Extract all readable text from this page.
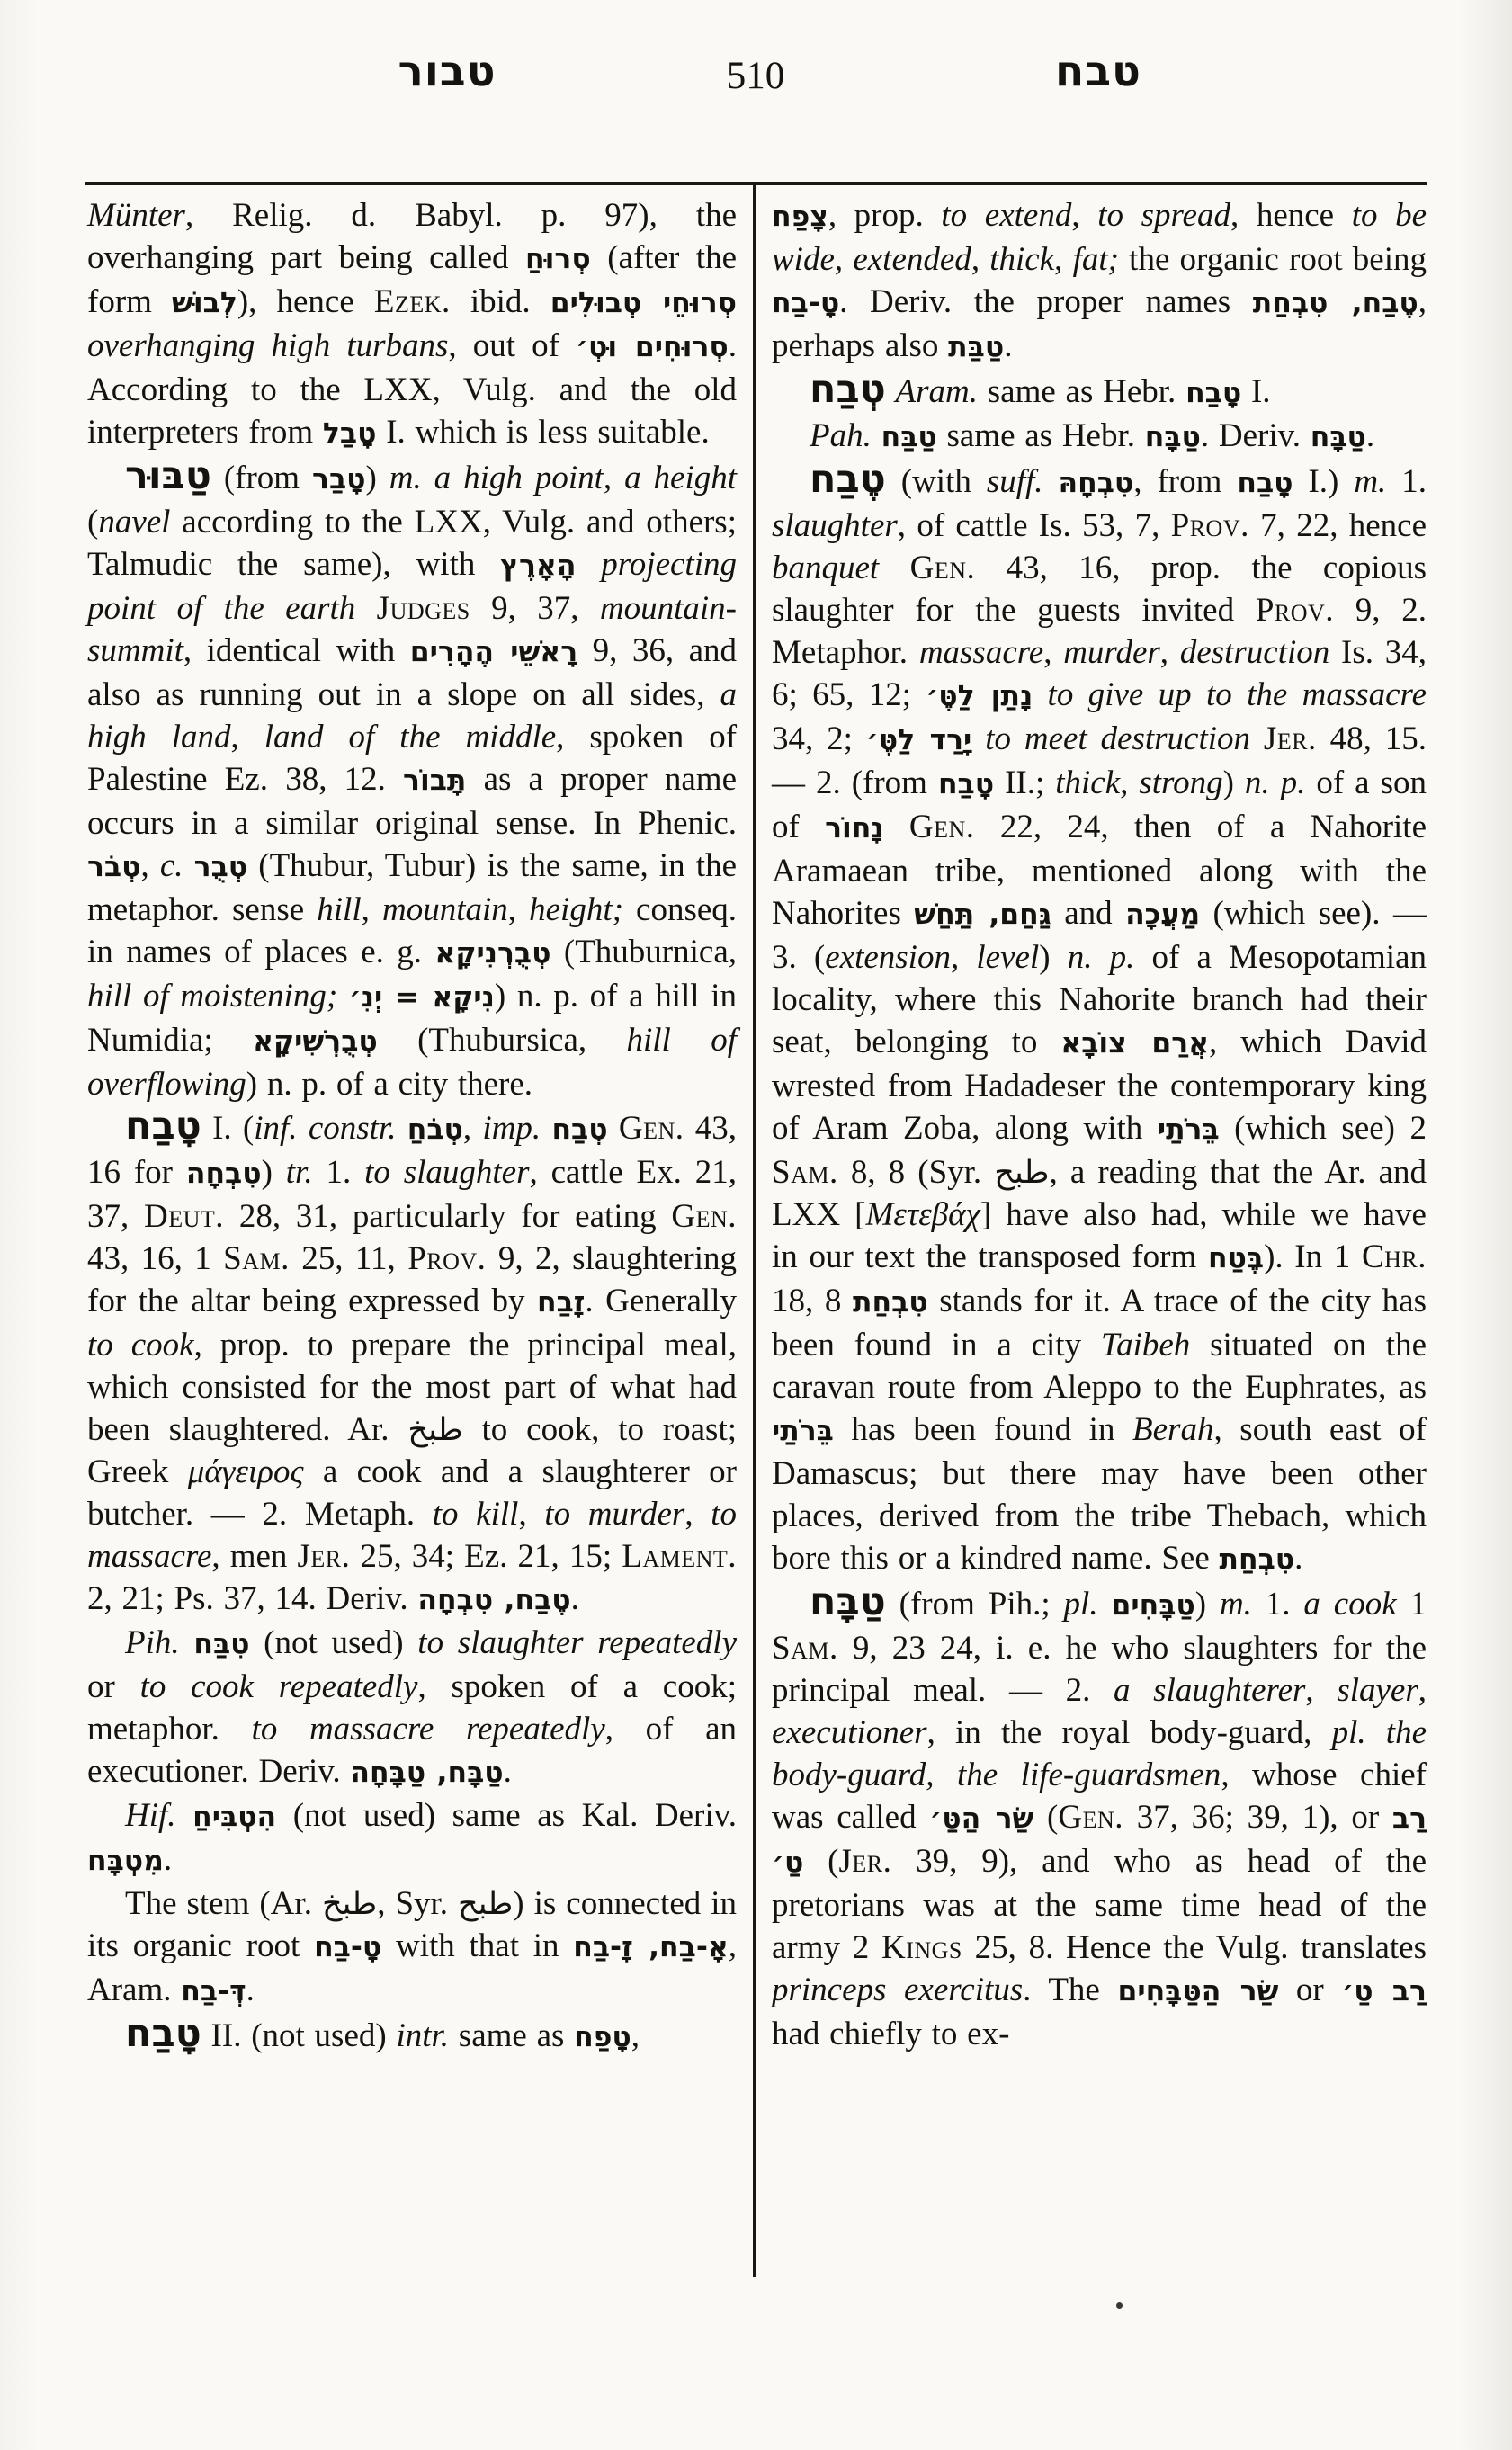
טבור	510	טבח

Münter, Relig. d. Babyl. p. 97), the overhanging part being called סְרוּחַ (after the form לְבוּשׁ), hence Ezek. ibid. סְרוּחֵי טְבוּלִים overhanging high turbans, out of סְרוּחִים וּטְ׳. According to the LXX, Vulg. and the old interpreters from טָבַל I. which is less suitable.

טַבּוּר (from טָבַר) m. a high point, a height (navel according to the LXX, Vulg. and others; Talmudic the same), with הָאָרֶץ projecting point of the earth Judges 9, 37, mountain-summit, identical with רָאשֵׁי הֶהָרִים 9, 36, and also as running out in a slope on all sides, a high land, land of the middle, spoken of Palestine Ez. 38, 12. תָּבוֹר as a proper name occurs in a similar original sense. In Phenic. טְבֹר, c. טְבֻר (Thubur, Tubur) is the same, in the metaphor. sense hill, mountain, height; conseq. in names of places e. g. טְבֻרְנִיקָא (Thuburnica, hill of moistening; נִיקָא = יְנִ׳) n. p. of a hill in Numidia; טְבֻרְשִׁיקָא (Thubursica, hill of overflowing) n. p. of a city there.

טָבַח I. (inf. constr. טְבֹחַ, imp. טְבַח Gen. 43, 16 for טִבְחָה) tr. 1. to slaughter, cattle Ex. 21, 37, Deut. 28, 31, particularly for eating Gen. 43, 16, 1 Sam. 25, 11, Prov. 9, 2, slaughtering for the altar being expressed by זָבַח. Generally to cook, prop. to prepare the principal meal, which consisted for the most part of what had been slaughtered. Ar. طبخ to cook, to roast; Greek μάγειρος a cook and a slaughterer or butcher. — 2. Metaph. to kill, to murder, to massacre, men Jer. 25, 34; Ez. 21, 15; Lament. 2, 21; Ps. 37, 14. Deriv. טֶבַח, טִבְחָה.

Pih. טִבַּח (not used) to slaughter repeatedly or to cook repeatedly, spoken of a cook; metaphor. to massacre repeatedly, of an executioner. Deriv. טַבָּח, טַבָּחָה.

Hif. הִטְבִּיחַ (not used) same as Kal. Deriv. מִטְבָּח.

The stem (Ar. طبخ, Syr. طبح) is connected in its organic root טָ-בַח with that in אָ-בַח, זָ-בַח, Aram. דְּ-בַח.

טָבַח II. (not used) intr. same as טָפַח,

צָפַח, prop. to extend, to spread, hence to be wide, extended, thick, fat; the organic root being טָ-בַח. Deriv. the proper names טֶבַח, טִבְחַת, perhaps also טַבַּת.

טְבַח Aram. same as Hebr. טָבַח I.

Pah. טַבַּח same as Hebr. טַבָּח. Deriv. טַבָּח.

טֶבַח (with suff. טִבְחָהּ, from טָבַח I.) m. 1. slaughter, of cattle Is. 53, 7, Prov. 7, 22, hence banquet Gen. 43, 16, prop. the copious slaughter for the guests invited Prov. 9, 2. Metaphor. massacre, murder, destruction Is. 34, 6; 65, 12; נָתַן לַטֶּ׳ to give up to the massacre 34, 2; יָרַד לַטֶּ׳ to meet destruction Jer. 48, 15. — 2. (from טָבַח II.; thick, strong) n. p. of a son of נָחוֹר Gen. 22, 24, then of a Nahorite Aramaean tribe, mentioned along with the Nahorites גַּחַם, תַּחַשׁ and מַעֲכָה (which see). — 3. (extension, level) n. p. of a Mesopotamian locality, where this Nahorite branch had their seat, belonging to אֲרַם צוֹבָא, which David wrested from Hadadeser the contemporary king of Aram Zoba, along with בֵּרֹתַי (which see) 2 Sam. 8, 8 (Syr. طبح, a reading that the Ar. and LXX [Μετεβάχ] have also had, while we have in our text the transposed form בֶּטַח). In 1 Chr. 18, 8 טִבְחַת stands for it. A trace of the city has been found in a city Taibeh situated on the caravan route from Aleppo to the Euphrates, as בֵּרֹתַי has been found in Berah, south east of Damascus; but there may have been other places, derived from the tribe Thebach, which bore this or a kindred name. See טִבְחַת.

טַבָּח (from Pih.; pl. טַבָּחִים) m. 1. a cook 1 Sam. 9, 23 24, i. e. he who slaughters for the principal meal. — 2. a slaughterer, slayer, executioner, in the royal body-guard, pl. the body-guard, the life-guardsmen, whose chief was called שַׂר הַטַּ׳ (Gen. 37, 36; 39, 1), or רַב טַ׳ (Jer. 39, 9), and who as head of the pretorians was at the same time head of the army 2 Kings 25, 8. Hence the Vulg. translates princeps exercitus. The שַׂר הַטַּבָּחִים or רַב טַ׳ had chiefly to ex-
